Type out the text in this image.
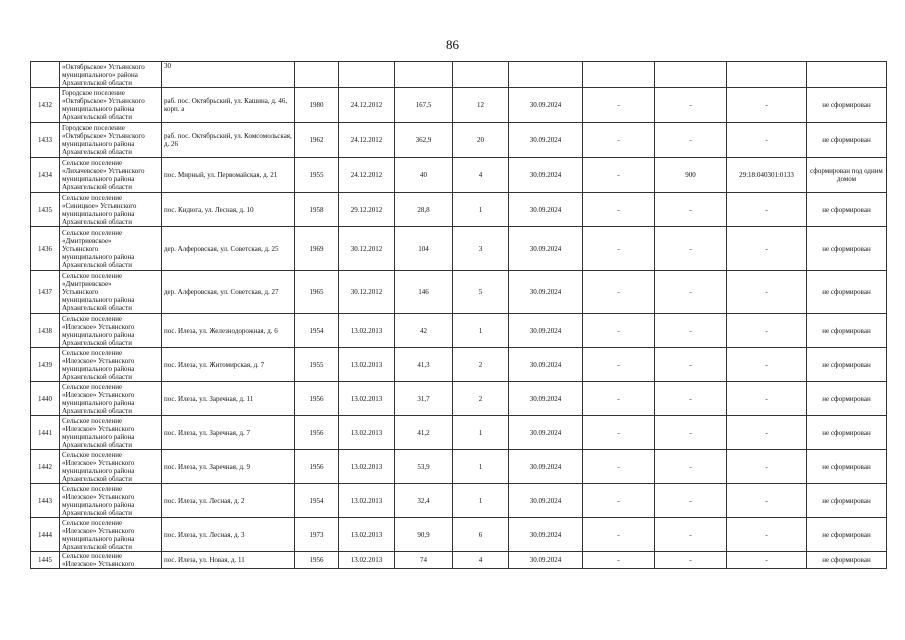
86

	«Октябрьское» Устьянского
муниципального» района
Архангельской области	30									
1432	Городское поселение
«Октябрьское» Устьянского
муниципального района
Архангельской области	раб. пос. Октябрьский, ул. Кашина, д. 46, корп. а	1980	24.12.2012	167,5	12	30.09.2024	-	-	-	не сформирован
1433	Городское поселение
«Октябрьское» Устьянского
муниципального района
Архангельской области	раб. пос. Октябрьский, ул. Комсомольская, д. 26	1962	24.12.2012	362,9	20	30.09.2024	-	-	-	не сформирован
1434	Сельское поселение
«Лихачевское» Устьянского
муниципального района
Архангельской области	пос. Мирный, ул. Первомайская, д. 21	1955	24.12.2012	40	4	30.09.2024	-	900	29:18:040301:0133	сформирован под одним домом
1435	Сельское поселение
«Синицкое» Устьянского
муниципального района
Архангельской области	пос. Кидюга, ул. Лесная, д. 10	1958	29.12.2012	28,8	1	30.09.2024	-	-	-	не сформирован
1436	Сельское поселение
«Дмитриевское»
Устьянского
муниципального района
Архангельской области	дер. Алферовская, ул. Советская, д. 25	1969	30.12.2012	104	3	30.09.2024	-	-	-	не сформирован
1437	Сельское поселение
«Дмитриевское»
Устьянского
муниципального района
Архангельской области	дер. Алферовская, ул. Советская, д. 27	1965	30.12.2012	146	5	30.09.2024	-	-	-	не сформирован
1438	Сельское поселение
«Илезское» Устьянского
муниципального района
Архангельской области	пос. Илеза, ул. Железнодорожная, д. 6	1954	13.02.2013	42	1	30.09.2024	-	-	-	не сформирован
1439	Сельское поселение
«Илезское» Устьянского
муниципального района
Архангельской области	пос. Илеза, ул. Житомирская, д. 7	1955	13.02.2013	41,3	2	30.09.2024	-	-	-	не сформирован
1440	Сельское поселение
«Илезское» Устьянского
муниципального района
Архангельской области	пос. Илеза, ул. Заречная, д. 11	1956	13.02.2013	31,7	2	30.09.2024	-	-	-	не сформирован
1441	Сельское поселение
«Илезское» Устьянского
муниципального района
Архангельской области	пос. Илеза, ул. Заречная, д. 7	1956	13.02.2013	41,2	1	30.09.2024	-	-	-	не сформирован
1442	Сельское поселение
«Илезское» Устьянского
муниципального района
Архангельской области	пос. Илеза, ул. Заречная, д. 9	1956	13.02.2013	53,9	1	30.09.2024	-	-	-	не сформирован
1443	Сельское поселение
«Илезское» Устьянского
муниципального района
Архангельской области	пос. Илеза, ул. Лесная, д. 2	1954	13.02.2013	32,4	1	30.09.2024	-	-	-	не сформирован
1444	Сельское поселение
«Илезское» Устьянского
муниципального района
Архангельской области	пос. Илеза, ул. Лесная, д. 3	1973	13.02.2013	90,9	6	30.09.2024	-	-	-	не сформирован
1445	Сельское поселение
«Илезское» Устьянского	пос. Илеза, ул. Новая, д. 11	1956	13.02.2013	74	4	30.09.2024	-	-	-	не сформирован
